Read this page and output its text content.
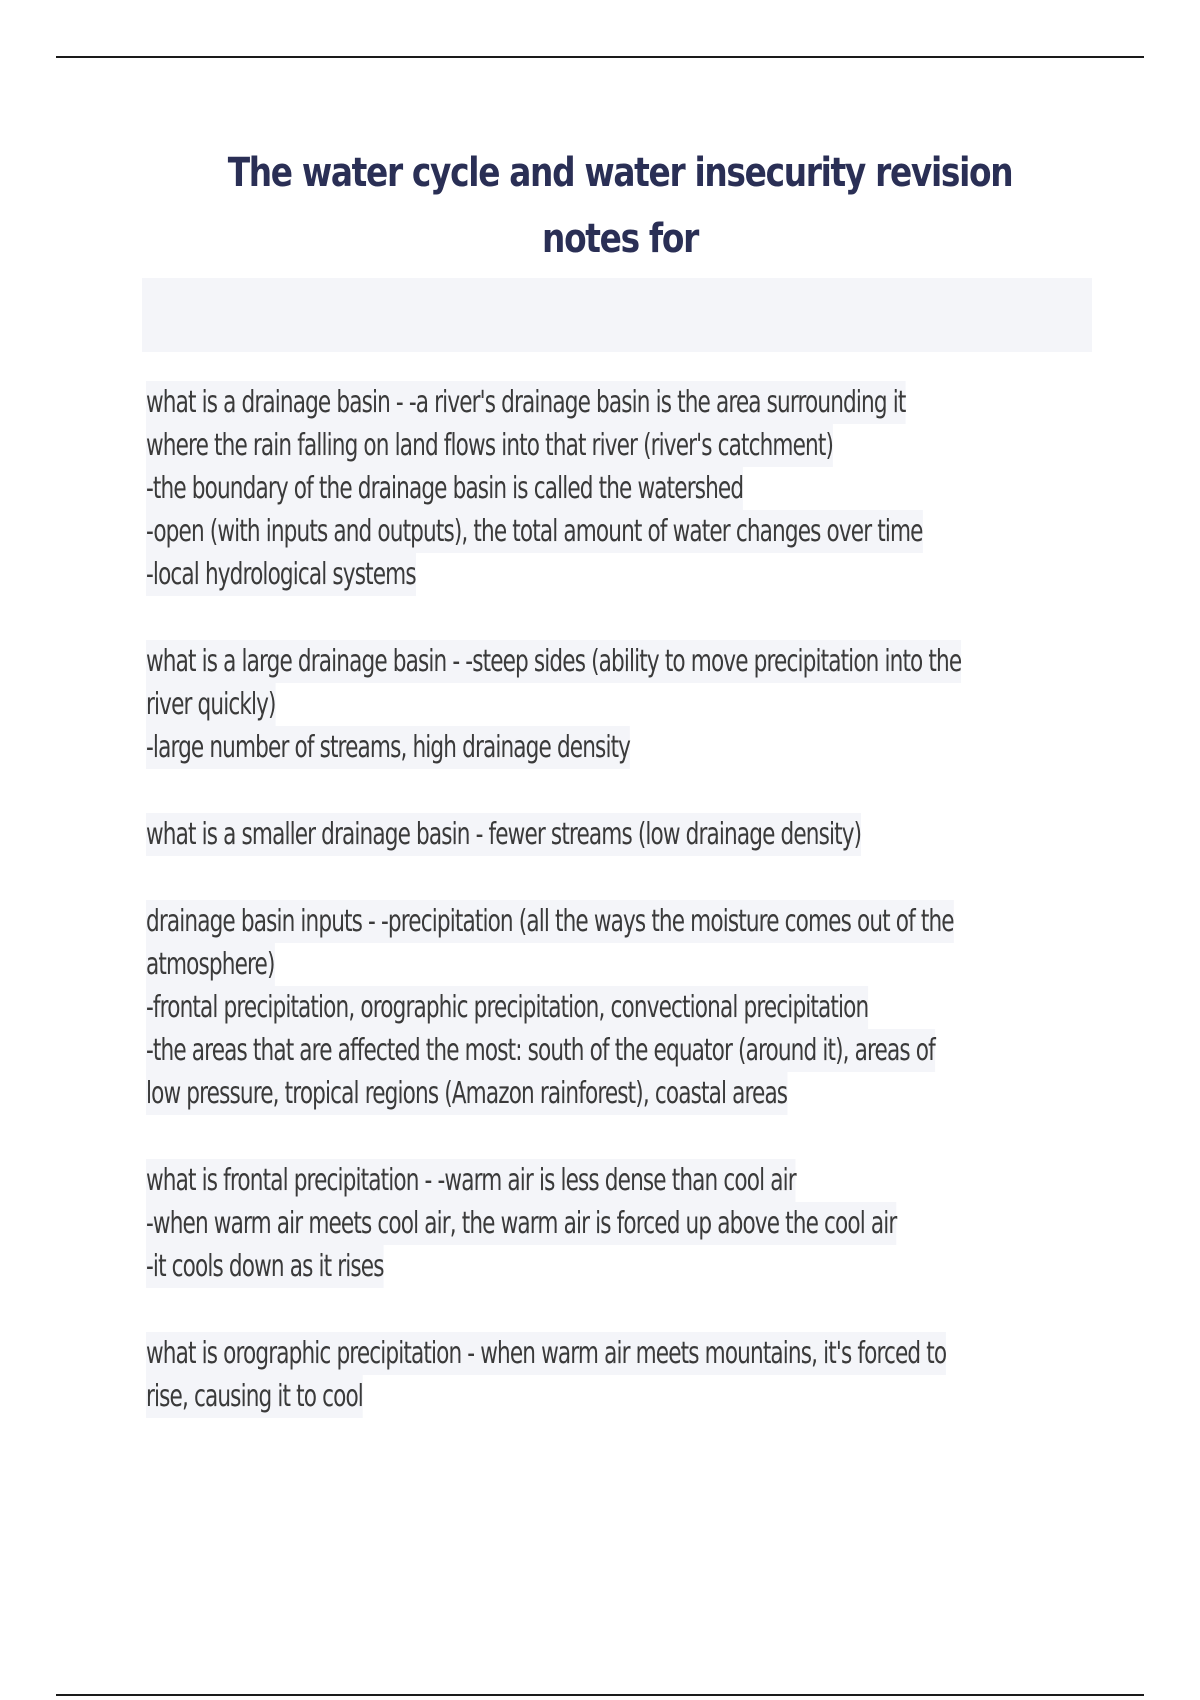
The water cycle and water insecurity revision notes for
what is a drainage basin - -a river's drainage basin is the area surrounding it
where the rain falling on land flows into that river (river's catchment)
-the boundary of the drainage basin is called the watershed
-open (with inputs and outputs), the total amount of water changes over time
-local hydrological systems
what is a large drainage basin - -steep sides (ability to move precipitation into the
river quickly)
-large number of streams, high drainage density
what is a smaller drainage basin - fewer streams (low drainage density)
drainage basin inputs - -precipitation (all the ways the moisture comes out of the
atmosphere)
-frontal precipitation, orographic precipitation, convectional precipitation
-the areas that are affected the most: south of the equator (around it), areas of
low pressure, tropical regions (Amazon rainforest), coastal areas
what is frontal precipitation - -warm air is less dense than cool air
-when warm air meets cool air, the warm air is forced up above the cool air
-it cools down as it rises
what is orographic precipitation - when warm air meets mountains, it's forced to
rise, causing it to cool
